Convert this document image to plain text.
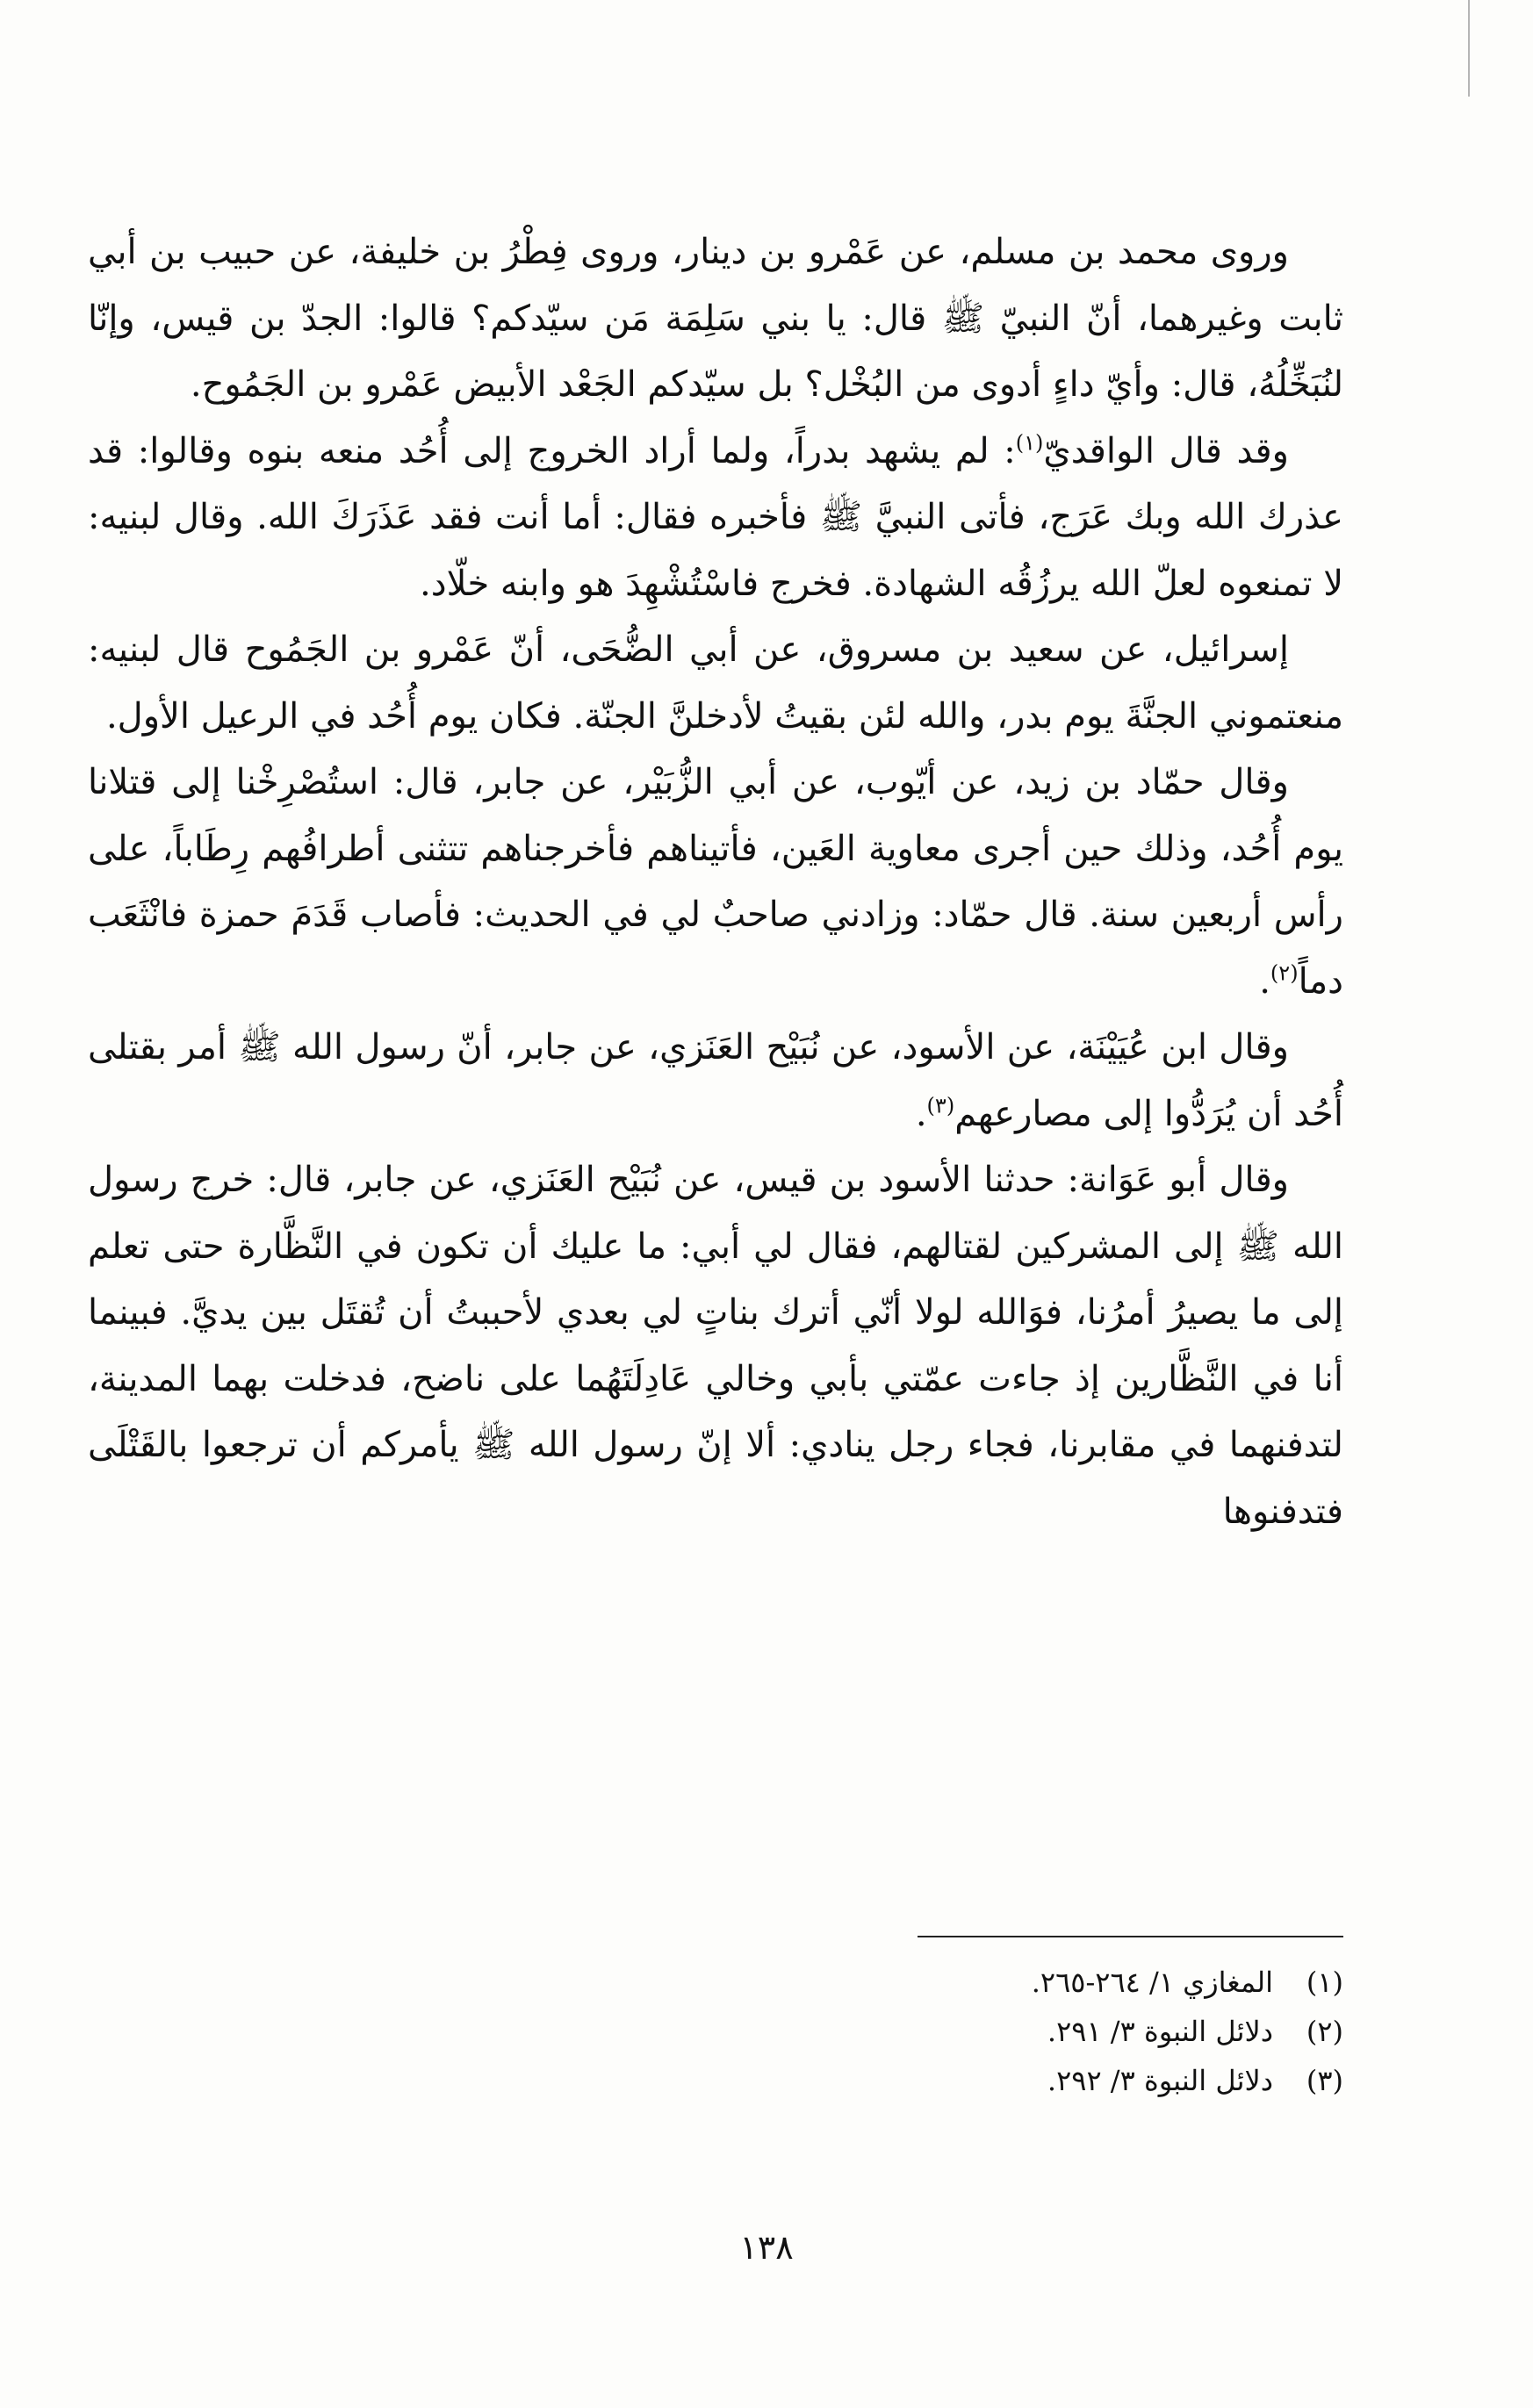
وروى محمد بن مسلم، عن عَمْرو بن دينار، وروى فِطْرُ بن خليفة، عن حبيب بن أبي ثابت وغيرهما، أنّ النبيّ ﷺ قال: يا بني سَلِمَة مَن سيّدكم؟ قالوا: الجدّ بن قيس، وإنّا لنُبَخِّلُهُ، قال: وأيّ داءٍ أدوى من البُخْل؟ بل سيّدكم الجَعْد الأبيض عَمْرو بن الجَمُوح.

وقد قال الواقديّ$^{(١)}$: لم يشهد بدراً، ولما أراد الخروج إلى أُحُد منعه بنوه وقالوا: قد عذرك الله وبك عَرَج، فأتى النبيَّ ﷺ فأخبره فقال: أما أنت فقد عَذَرَكَ الله. وقال لبنيه: لا تمنعوه لعلّ الله يرزُقُه الشهادة. فخرج فاسْتُشْهِدَ هو وابنه خلّاد.

إسرائيل، عن سعيد بن مسروق، عن أبي الضُّحَى، أنّ عَمْرو بن الجَمُوح قال لبنيه: منعتموني الجنَّةَ يوم بدر، والله لئن بقيتُ لأدخلنَّ الجنّة. فكان يوم أُحُد في الرعيل الأول.

وقال حمّاد بن زيد، عن أيّوب، عن أبي الزُّبَيْر، عن جابر، قال: استُصْرِخْنا إلى قتلانا يوم أُحُد، وذلك حين أجرى معاوية العَين، فأتيناهم فأخرجناهم تتثنى أطرافُهم رِطَاباً، على رأس أربعين سنة. قال حمّاد: وزادني صاحبٌ لي في الحديث: فأصاب قَدَمَ حمزة فانْثَعَب دماً$^{(٢)}$.

وقال ابن عُيَيْنَة، عن الأسود، عن نُبَيْح العَنَزي، عن جابر، أنّ رسول الله ﷺ أمر بقتلى أُحُد أن يُرَدُّوا إلى مصارعهم$^{(٣)}$.

وقال أبو عَوَانة: حدثنا الأسود بن قيس، عن نُبَيْح العَنَزي، عن جابر، قال: خرج رسول الله ﷺ إلى المشركين لقتالهم، فقال لي أبي: ما عليك أن تكون في النَّظَّارة حتى تعلم إلى ما يصيرُ أمرُنا، فوَالله لولا أنّي أترك بناتٍ لي بعدي لأحببتُ أن تُقتَل بين يديَّ. فبينما أنا في النَّظَّارين إذ جاءت عمّتي بأبي وخالي عَادِلَتَهُما على ناضح، فدخلت بهما المدينة، لتدفنهما في مقابرنا، فجاء رجل ينادي: ألا إنّ رسول الله ﷺ يأمركم أن ترجعوا بالقَتْلَى فتدفنوها

(١)
المغازي ١/ ٢٦٤-٢٦٥.
(٢)
دلائل النبوة ٣/ ٢٩١.
(٣)
دلائل النبوة ٣/ ٢٩٢.
١٣٨
